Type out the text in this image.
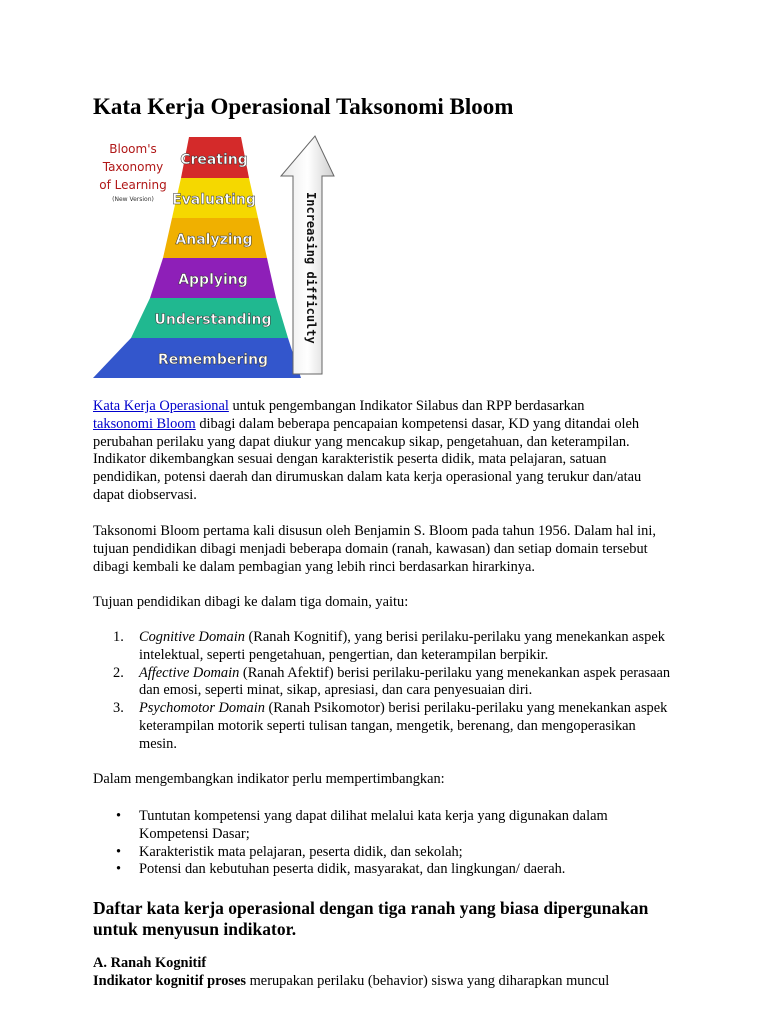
Kata Kerja Operasional Taksonomi Bloom
Creating
Evaluating
Analyzing
Applying
Understanding
Remembering
Bloom's
Taxonomy
of Learning
(New Version)	Increasing difficulty
Kata Kerja Operasional untuk pengembangan Indikator Silabus dan RPP berdasarkan
taksonomi Bloom dibagi dalam beberapa pencapaian kompetensi dasar, KD yang ditandai oleh perubahan perilaku yang dapat diukur yang mencakup sikap, pengetahuan, dan keterampilan. Indikator dikembangkan sesuai dengan karakteristik peserta didik, mata pelajaran, satuan pendidikan, potensi daerah dan dirumuskan dalam kata kerja operasional yang terukur dan/atau dapat diobservasi.
Taksonomi Bloom pertama kali disusun oleh Benjamin S. Bloom pada tahun 1956. Dalam hal ini, tujuan pendidikan dibagi menjadi beberapa domain (ranah, kawasan) dan setiap domain tersebut dibagi kembali ke dalam pembagian yang lebih rinci berdasarkan hirarkinya.
Tujuan pendidikan dibagi ke dalam tiga domain, yaitu:
1. Cognitive Domain (Ranah Kognitif), yang berisi perilaku-perilaku yang menekankan aspek intelektual, seperti pengetahuan, pengertian, dan keterampilan berpikir.
2. Affective Domain (Ranah Afektif) berisi perilaku-perilaku yang menekankan aspek perasaan dan emosi, seperti minat, sikap, apresiasi, dan cara penyesuaian diri.
3. Psychomotor Domain (Ranah Psikomotor) berisi perilaku-perilaku yang menekankan aspek keterampilan motorik seperti tulisan tangan, mengetik, berenang, dan mengoperasikan mesin.
Dalam mengembangkan indikator perlu mempertimbangkan:
• Tuntutan kompetensi yang dapat dilihat melalui kata kerja yang digunakan dalam Kompetensi Dasar;
• Karakteristik mata pelajaran, peserta didik, dan sekolah;
• Potensi dan kebutuhan peserta didik, masyarakat, dan lingkungan/ daerah.
Daftar kata kerja operasional dengan tiga ranah yang biasa dipergunakan untuk menyusun indikator.
A. Ranah Kognitif
Indikator kognitif proses merupakan perilaku (behavior) siswa yang diharapkan muncul
